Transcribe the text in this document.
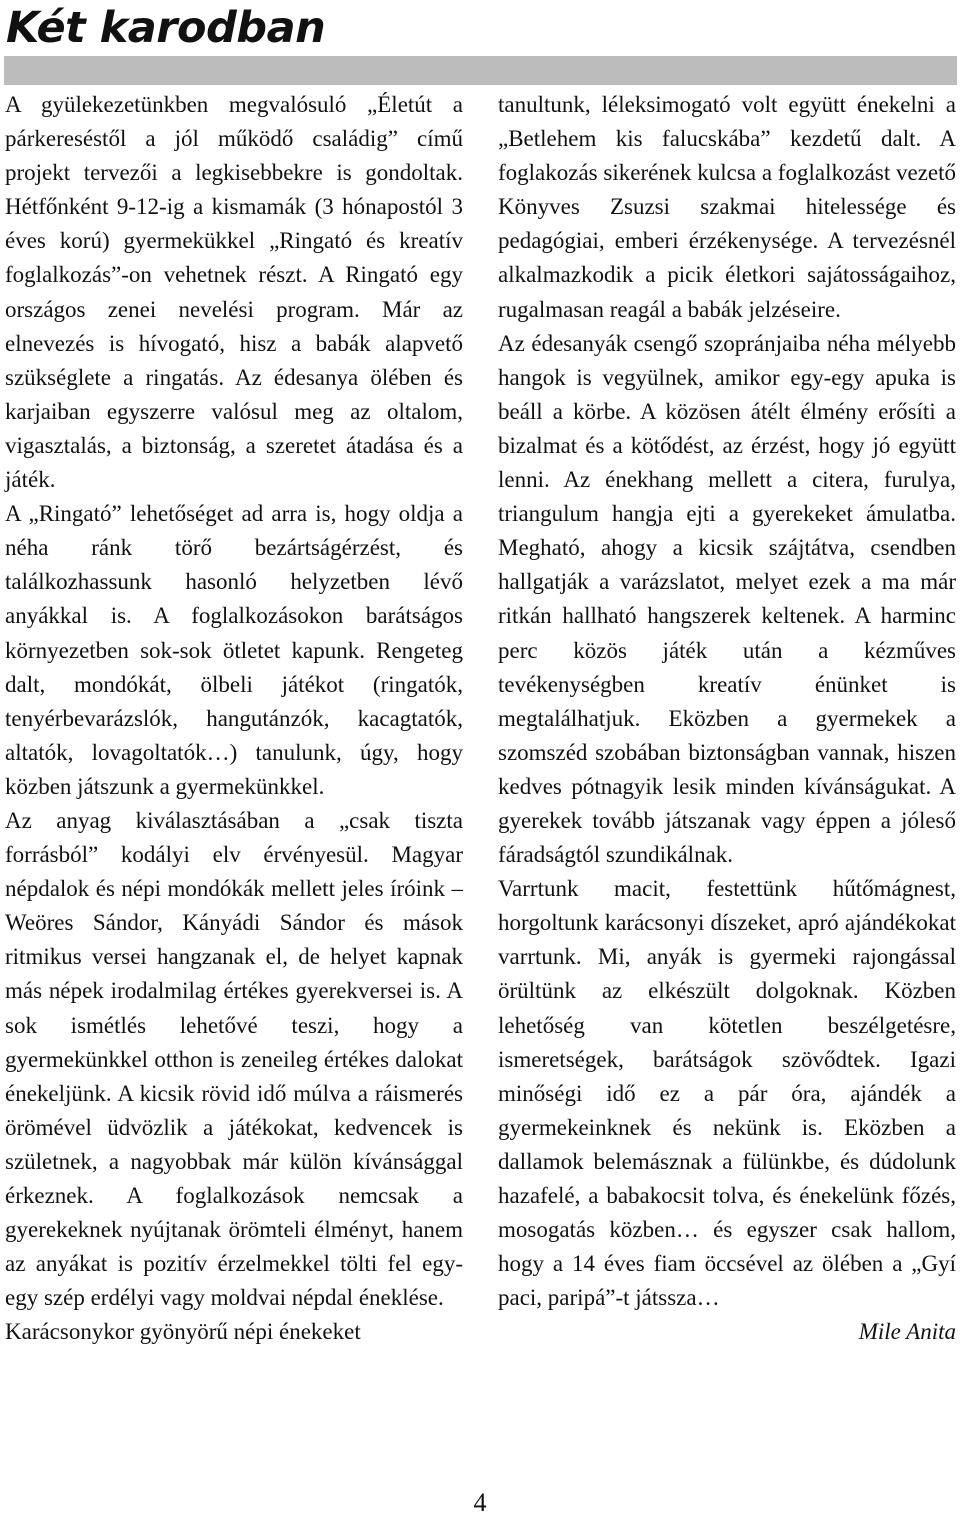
Két karodban

A gyülekezetünkben megvalósuló „Életút a párkereséstől a jól működő családig” című projekt tervezői a legkisebbekre is gondoltak. Hétfőnként 9-12-ig a kismamák (3 hónapostól 3 éves korú) gyermekükkel „Ringató és kreatív foglalkozás”-on vehetnek részt. A Ringató egy országos zenei nevelési program. Már az elnevezés is hívogató, hisz a babák alapvető szükséglete a ringatás. Az édesanya ölében és karjaiban egyszerre valósul meg az oltalom, vigasztalás, a biztonság, a szeretet átadása és a játék.

A „Ringató” lehetőséget ad arra is, hogy oldja a néha ránk törő bezártságérzést, és találkozhassunk hasonló helyzetben lévő anyákkal is. A foglalkozásokon barátságos környezetben sok-sok ötletet kapunk. Rengeteg dalt, mondókát, ölbeli játékot (ringatók, tenyérbevarázslók, hangutánzók, kacagtatók, altatók, lovagoltatók…) tanulunk, úgy, hogy közben játszunk a gyermekünkkel.

Az anyag kiválasztásában a „csak tiszta forrásból” kodályi elv érvényesül. Magyar népdalok és népi mondókák mellett jeles íróink – Weöres Sándor, Kányádi Sándor és mások ritmikus versei hangzanak el, de helyet kapnak más népek irodalmilag értékes gyerekversei is. A sok ismétlés lehetővé teszi, hogy a gyermekünkkel otthon is zeneileg értékes dalokat énekeljünk. A kicsik rövid idő múlva a ráismerés örömével üdvözlik a játékokat, kedvencek is születnek, a nagyobbak már külön kívánsággal érkeznek. A foglalkozások nemcsak a gyerekeknek nyújtanak örömteli élményt, hanem az anyákat is pozitív érzelmekkel tölti fel egy-egy szép erdélyi vagy moldvai népdal éneklése.

Karácsonykor gyönyörű népi énekeket

tanultunk, léleksimogató volt együtt énekelni a „Betlehem kis falucskába” kezdetű dalt. A foglakozás sikerének kulcsa a foglalkozást vezető Könyves Zsuzsi szakmai hitelessége és pedagógiai, emberi érzékenysége. A tervezésnél alkalmazkodik a picik életkori sajátosságaihoz, rugalmasan reagál a babák jelzéseire.

Az édesanyák csengő szopránjaiba néha mélyebb hangok is vegyülnek, amikor egy-egy apuka is beáll a körbe. A közösen átélt élmény erősíti a bizalmat és a kötődést, az érzést, hogy jó együtt lenni. Az énekhang mellett a citera, furulya, triangulum hangja ejti a gyerekeket ámulatba. Megható, ahogy a kicsik szájtátva, csendben hallgatják a varázslatot, melyet ezek a ma már ritkán hallható hangszerek keltenek. A harminc perc közös játék után a kézműves tevékenységben kreatív énünket is megtalálhatjuk. Eközben a gyermekek a szomszéd szobában biztonságban vannak, hiszen kedves pótnagyik lesik minden kívánságukat. A gyerekek tovább játszanak vagy éppen a jóleső fáradságtól szundikálnak.

Varrtunk macit, festettünk hűtőmágnest, horgoltunk karácsonyi díszeket, apró ajándékokat varrtunk. Mi, anyák is gyermeki rajongással örültünk az elkészült dolgoknak. Közben lehetőség van kötetlen beszélgetésre, ismeretségek, barátságok szövődtek. Igazi minőségi idő ez a pár óra, ajándék a gyermekeinknek és nekünk is. Eközben a dallamok belemásznak a fülünkbe, és dúdolunk hazafelé, a babakocsit tolva, és énekelünk főzés, mosogatás közben… és egyszer csak hallom, hogy a 14 éves fiam öccsével az ölében a „Gyí paci, paripá”-t játssza…

Mile Anita

4
